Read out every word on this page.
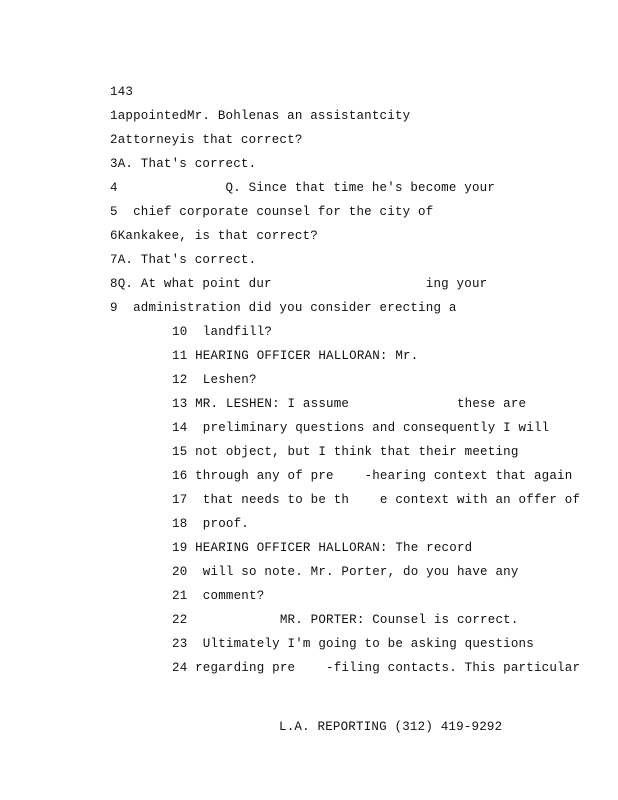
143
1appointedMr. Bohlenas an assistantcity
2attorneyis that correct?
3A. That's correct.
4              Q. Since that time he's become your
5  chief corporate counsel for the city of
6Kankakee, is that correct?
7A. That's correct.
8Q. At what point dur                    ing your
9  administration did you consider erecting a
10  landfill?
11 HEARING OFFICER HALLORAN: Mr.
12  Leshen?
13 MR. LESHEN: I assume              these are
14  preliminary questions and consequently I will
15 not object, but I think that their meeting
16 through any of pre    -hearing context that again
17  that needs to be th    e context with an offer of
18  proof.
19 HEARING OFFICER HALLORAN: The record
20  will so note. Mr. Porter, do you have any
21  comment?
22            MR. PORTER: Counsel is correct.
23  Ultimately I'm going to be asking questions
24 regarding pre    -filing contacts. This particular
L.A. REPORTING (312) 419-9292
